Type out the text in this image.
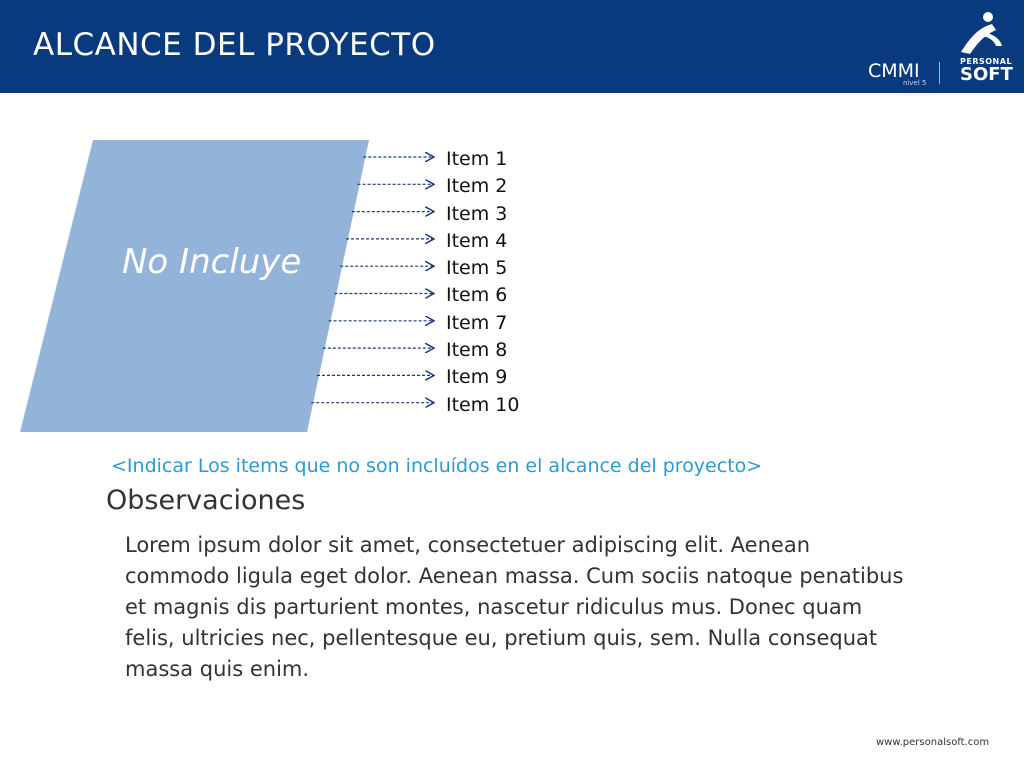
ALCANCE DEL PROYECTO
CMMI
nivel 5
PERSONAL
SOFT
No Incluye
Item 1
Item 2
Item 3
Item 4
Item 5
Item 6
Item 7
Item 8
Item 9
Item 10
<Indicar Los items que no son incluídos en el alcance del proyecto>
Observaciones
Lorem ipsum dolor sit amet, consectetuer adipiscing elit. Aenean commodo ligula eget dolor. Aenean massa. Cum sociis natoque penatibus et magnis dis parturient montes, nascetur ridiculus mus. Donec quam felis, ultricies nec, pellentesque eu, pretium quis, sem. Nulla consequat massa quis enim.
www.personalsoft.com
